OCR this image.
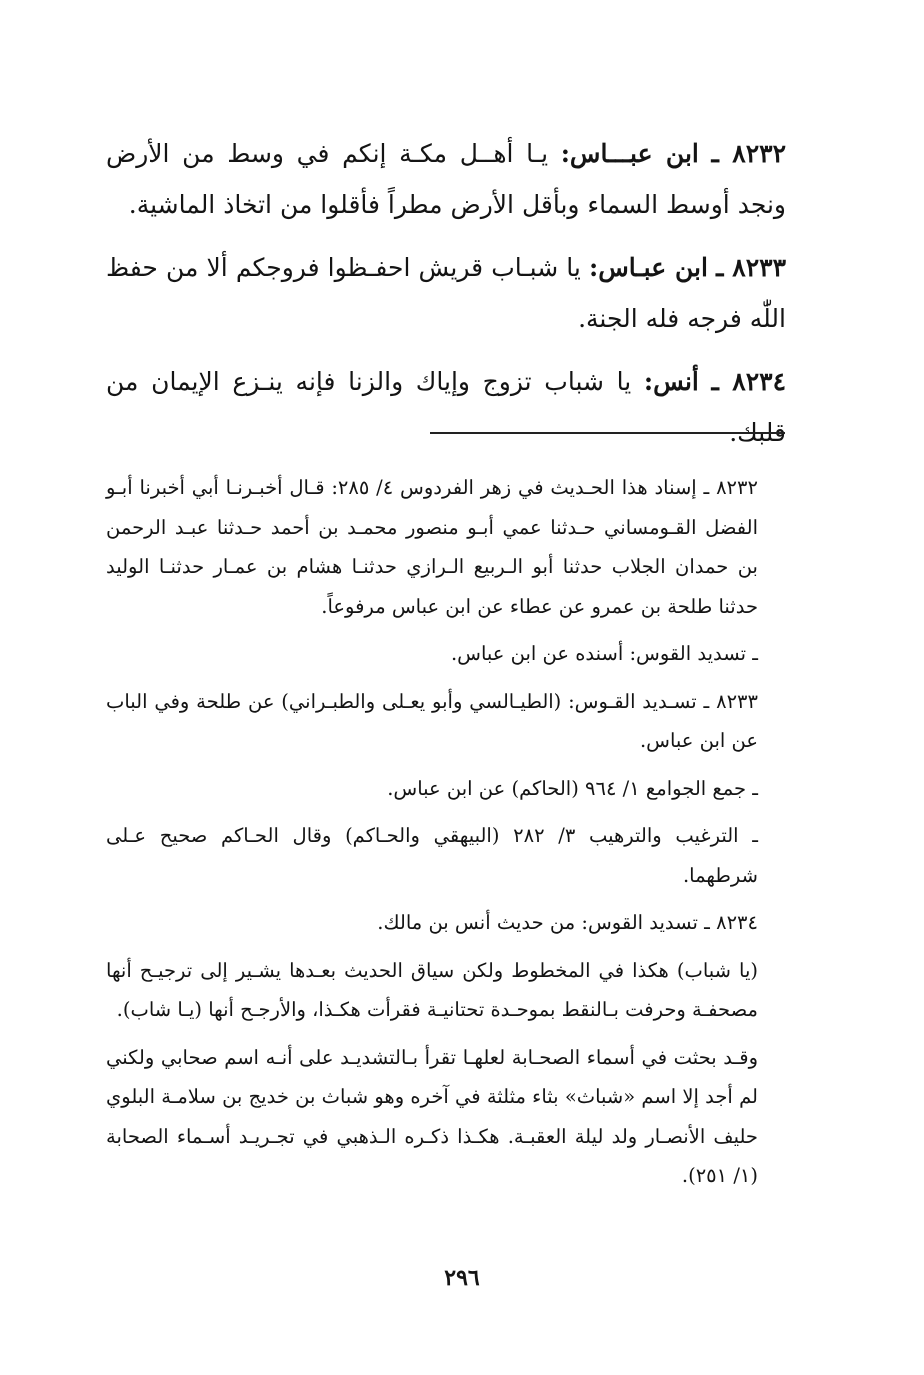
٨٢٣٢ ـ ابن عبـــاس: يـا أهــل مكـة إنكم في وسط من الأرض ونجد أوسط السماء وبأقل الأرض مطراً فأقلوا من اتخاذ الماشية.

٨٢٣٣ ـ ابن عبـاس: يا شبـاب قريش احفـظوا فروجكم ألا من حفظ اللّٰه فرجه فله الجنة.

٨٢٣٤ ـ أنس: يا شباب تزوج وإياك والزنا فإنه ينـزع الإيمان من قلبك.

٨٢٣٢ ـ إسناد هذا الحـديث في زهر الفردوس ٤/ ٢٨٥: قـال أخبـرنـا أبي أخبرنا أبـو الفضل القـومساني حـدثنا عمي أبـو منصور محمـد بن أحمد حـدثنا عبـد الرحمن بن حمدان الجلاب حدثنا أبو الـربيع الـرازي حدثنـا هشام بن عمـار حدثنـا الوليد حدثنا طلحة بن عمرو عن عطاء عن ابن عباس مرفوعاً.

ـ تسديد القوس: أسنده عن ابن عباس.

٨٢٣٣ ـ تسـديد القـوس: (الطيـالسي وأبو يعـلى والطبـراني) عن طلحة وفي الباب عن ابن عباس.

ـ جمع الجوامع ١/ ٩٦٤ (الحاكم) عن ابن عباس.

ـ الترغيب والترهيب ٣/ ٢٨٢ (البيهقي والحـاكم) وقال الحـاكم صحيح عـلى شرطهما.

٨٢٣٤ ـ تسديد القوس: من حديث أنس بن مالك.

(يا شباب) هكذا في المخطوط ولكن سياق الحديث بعـدها يشـير إلى ترجيـح أنها مصحفـة وحرفت بـالنقط بموحـدة تحتانيـة فقرأت هكـذا، والأرجـح أنها (يـا شاب).

وقـد بحثت في أسماء الصحـابة لعلهـا تقرأ بـالتشديـد على أنـه اسم صحابي ولكني لم أجد إلا اسم «شباث» بثاء مثلثة في آخره وهو شباث بن خديج بن سلامـة البلوي حليف الأنصـار ولد ليلة العقبـة. هكـذا ذكـره الـذهبي في تجـريـد أسـماء الصحابة (١/ ٢٥١).

٢٩٦
